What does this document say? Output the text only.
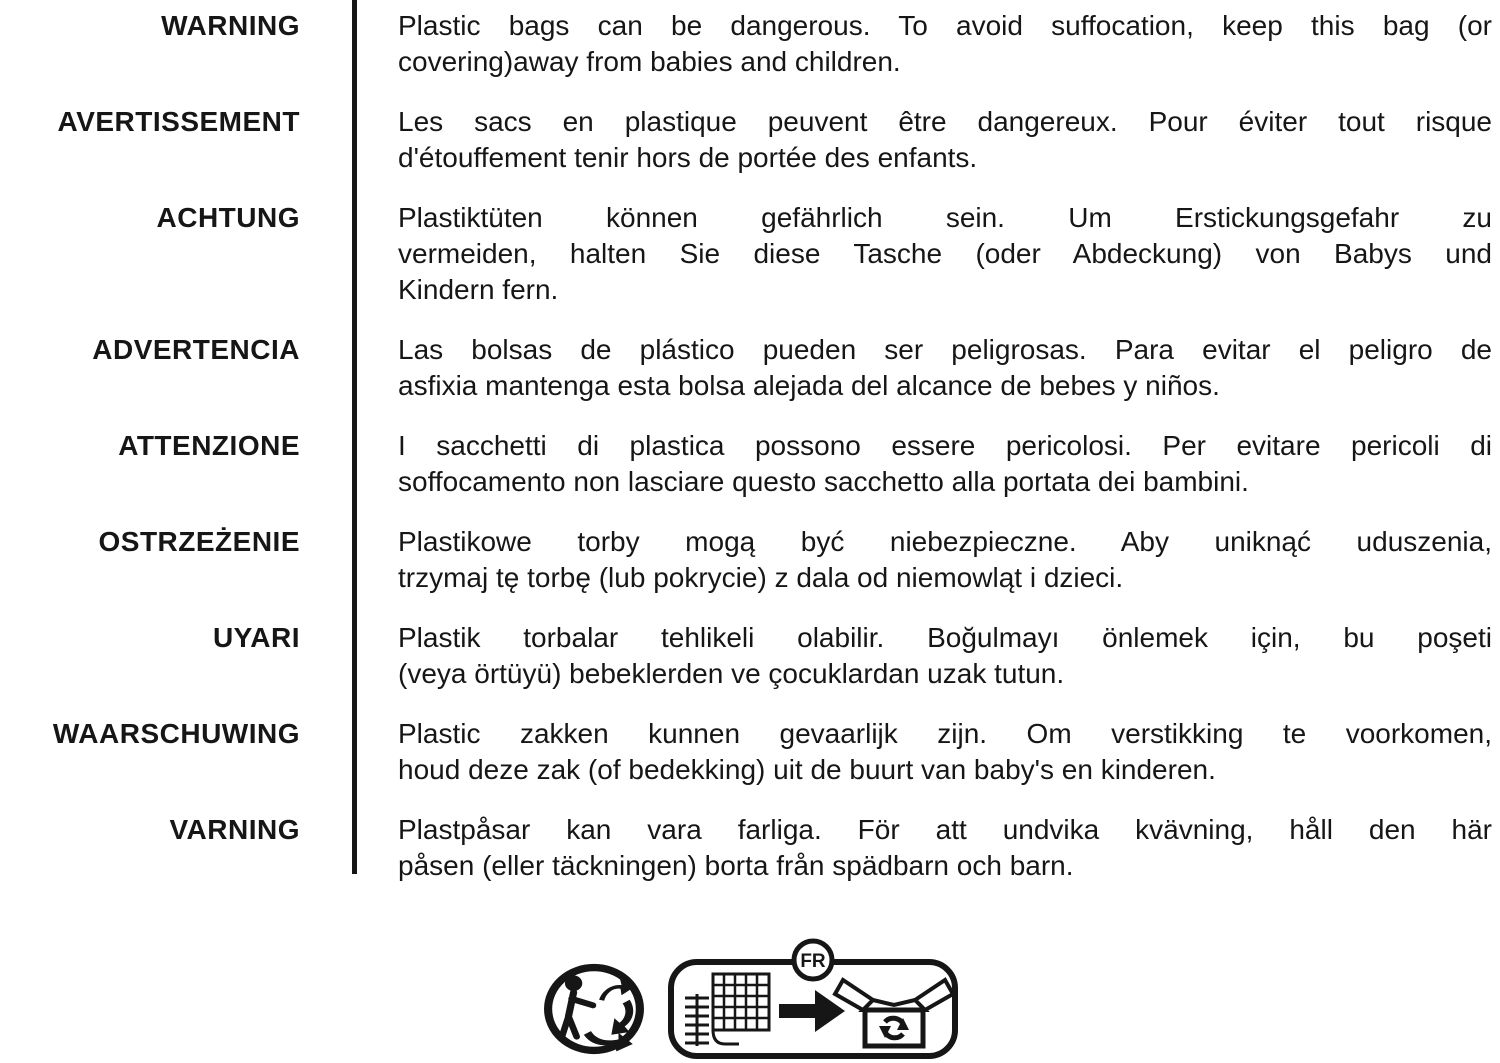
WARNING	Plastic bags can be dangerous. To avoid suffocation, keep this bag (or
covering)away from babies and children.
AVERTISSEMENT	Les sacs en plastique peuvent être dangereux. Pour éviter tout risque
d'étouffement tenir hors de portée des enfants.
ACHTUNG	Plastiktüten können gefährlich sein. Um Erstickungsgefahr zu
vermeiden, halten Sie diese Tasche (oder Abdeckung) von Babys und
Kindern fern.
ADVERTENCIA	Las bolsas de plástico pueden ser peligrosas. Para evitar el peligro de
asfixia mantenga esta bolsa alejada del alcance de bebes y niños.
ATTENZIONE	I sacchetti di plastica possono essere pericolosi. Per evitare pericoli di
soffocamento non lasciare questo sacchetto alla portata dei bambini.
OSTRZEŻENIE	Plastikowe torby mogą być niebezpieczne. Aby uniknąć uduszenia,
trzymaj tę torbę (lub pokrycie) z dala od niemowląt i dzieci.
UYARI	Plastik torbalar tehlikeli olabilir. Boğulmayı önlemek için, bu poşeti
(veya örtüyü) bebeklerden ve çocuklardan uzak tutun.
WAARSCHUWING	Plastic zakken kunnen gevaarlijk zijn. Om verstikking te voorkomen,
houd deze zak (of bedekking) uit de buurt van baby's en kinderen.
VARNING	Plastpåsar kan vara farliga. För att undvika kvävning, håll den här
påsen (eller täckningen) borta från spädbarn och barn.
FR
